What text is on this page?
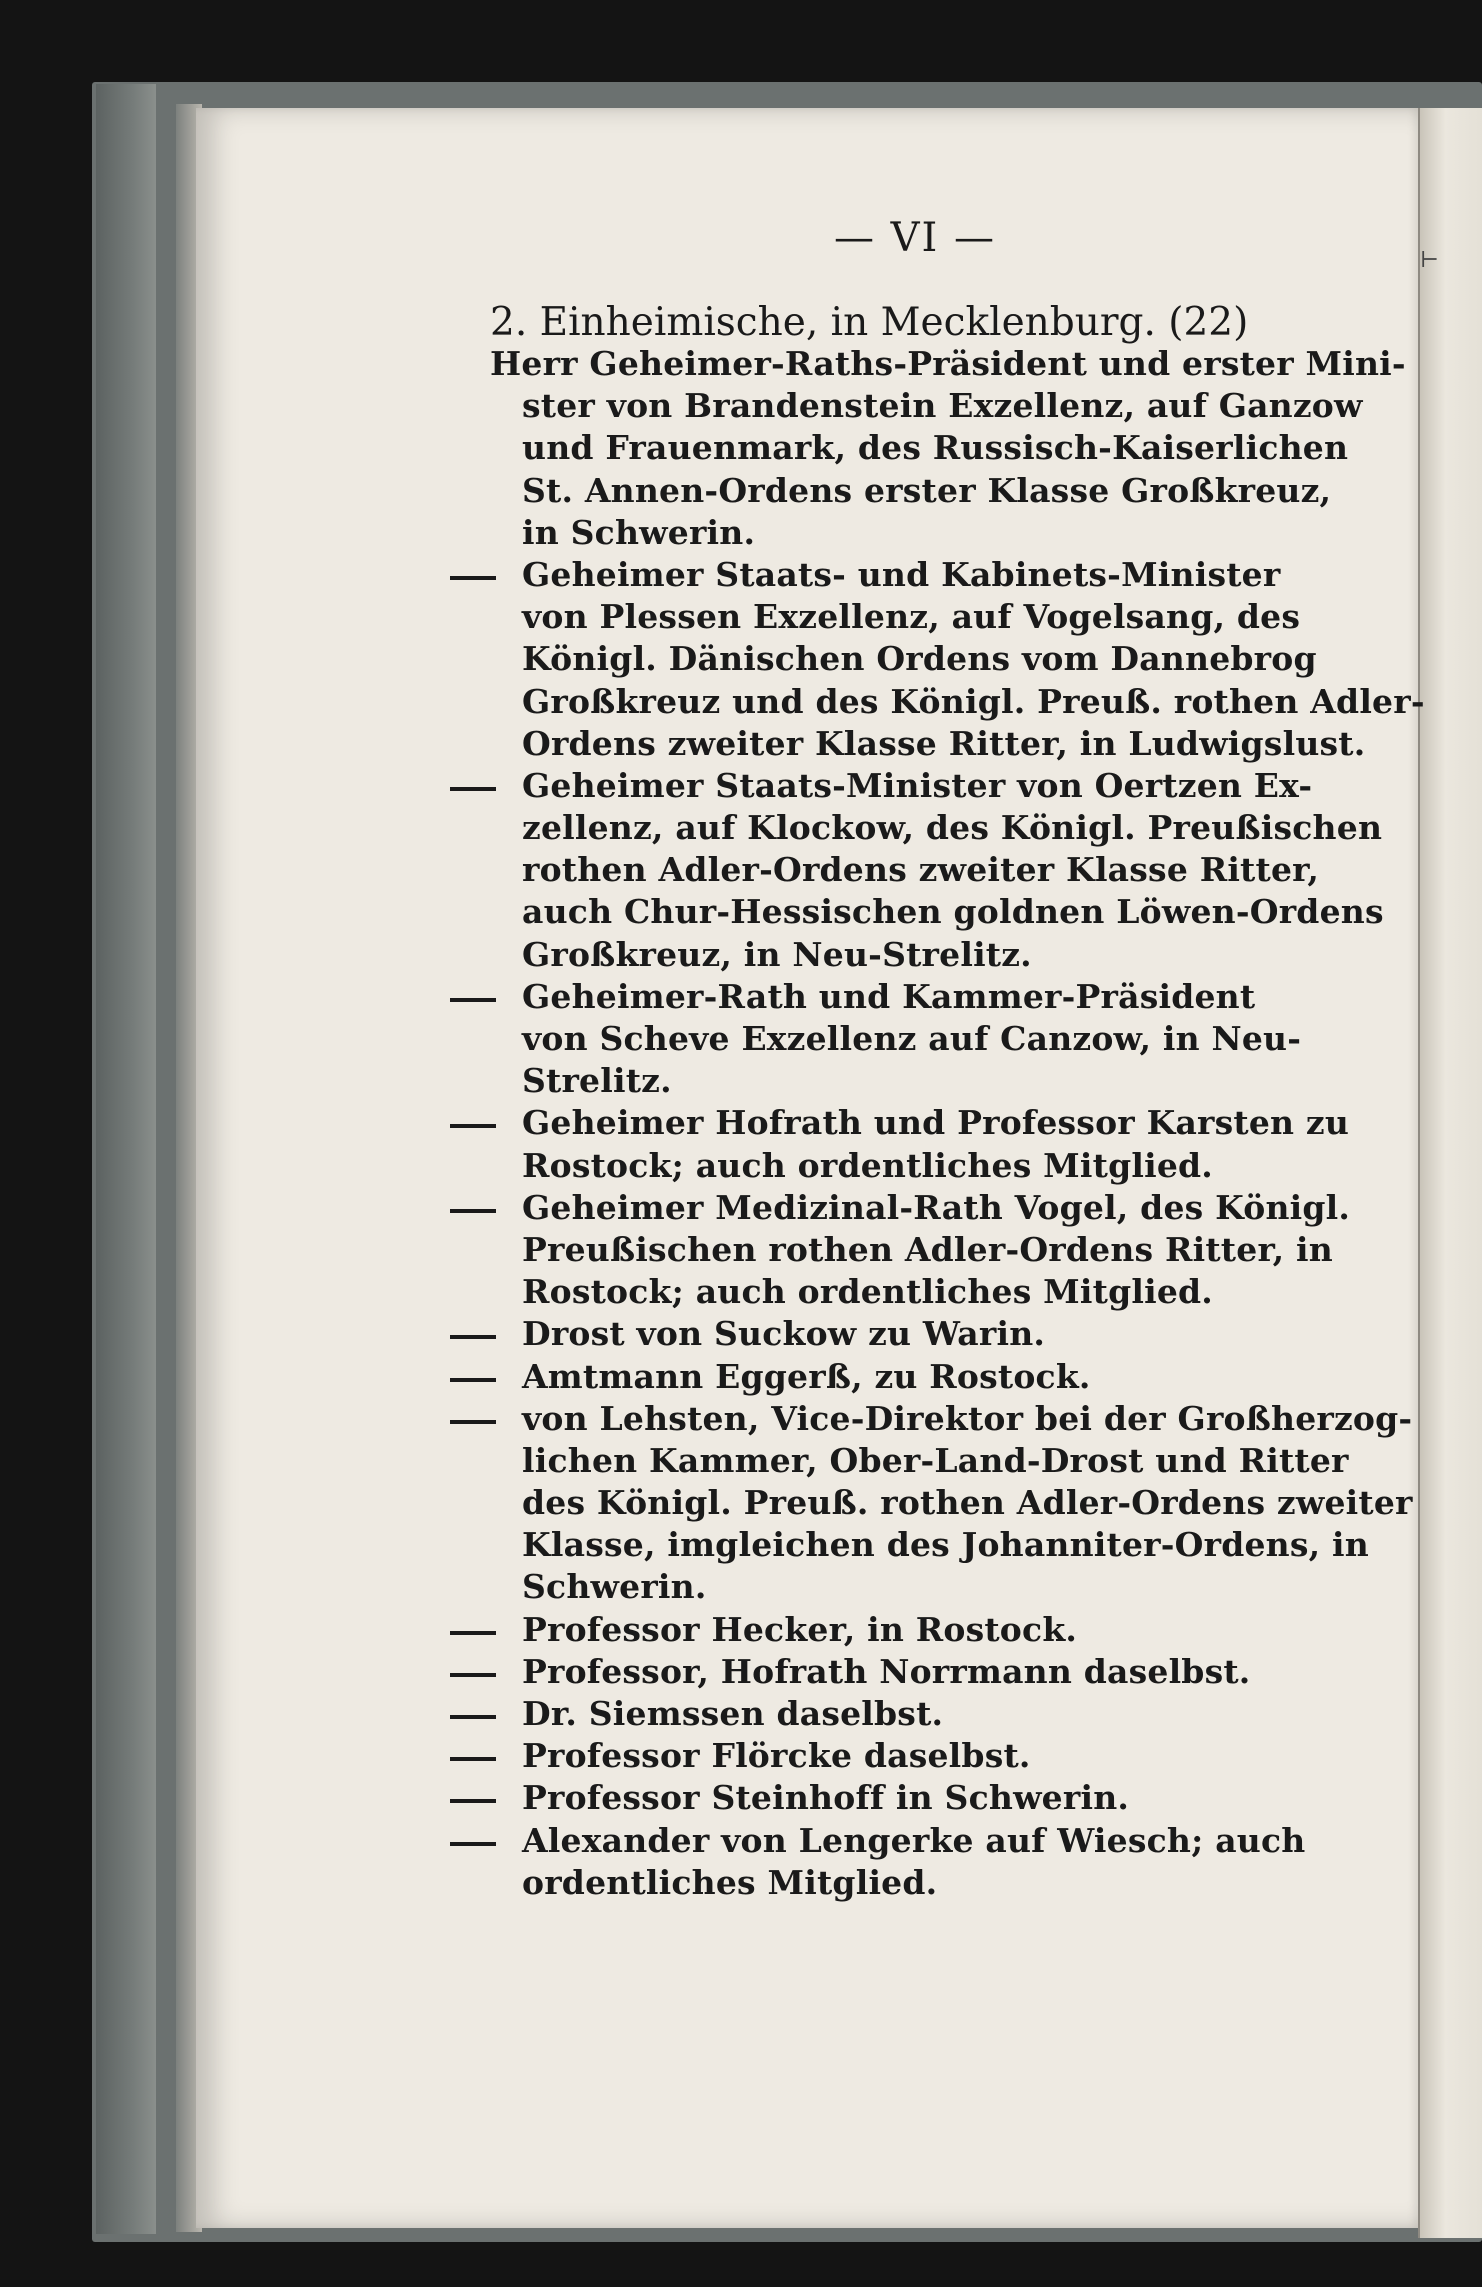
⊢
— VI —
2. Einheimische, in Mecklenburg. (22)
Herr Geheimer-Raths-Präsident und erster Mini-
ster von Brandenstein Exzellenz, auf Ganzow
und Frauenmark, des Russisch-Kaiserlichen
St. Annen-Ordens erster Klasse Großkreuz,
in Schwerin.
Geheimer Staats- und Kabinets-Minister
von Plessen Exzellenz, auf Vogelsang, des
Königl. Dänischen Ordens vom Dannebrog
Großkreuz und des Königl. Preuß. rothen Adler-
Ordens zweiter Klasse Ritter, in Ludwigslust.
Geheimer Staats-Minister von Oertzen Ex-
zellenz, auf Klockow, des Königl. Preußischen
rothen Adler-Ordens zweiter Klasse Ritter,
auch Chur-Hessischen goldnen Löwen-Ordens
Großkreuz, in Neu-Strelitz.
Geheimer-Rath und Kammer-Präsident
von Scheve Exzellenz auf Canzow, in Neu-
Strelitz.
Geheimer Hofrath und Professor Karsten zu
Rostock; auch ordentliches Mitglied.
Geheimer Medizinal-Rath Vogel, des Königl.
Preußischen rothen Adler-Ordens Ritter, in
Rostock; auch ordentliches Mitglied.
Drost von Suckow zu Warin.
Amtmann Eggerß, zu Rostock.
von Lehsten, Vice-Direktor bei der Großherzog-
lichen Kammer, Ober-Land-Drost und Ritter
des Königl. Preuß. rothen Adler-Ordens zweiter
Klasse, imgleichen des Johanniter-Ordens, in
Schwerin.
Professor Hecker, in Rostock.
Professor, Hofrath Norrmann daselbst.
Dr. Siemssen daselbst.
Professor Flörcke daselbst.
Professor Steinhoff in Schwerin.
Alexander von Lengerke auf Wiesch; auch
ordentliches Mitglied.
